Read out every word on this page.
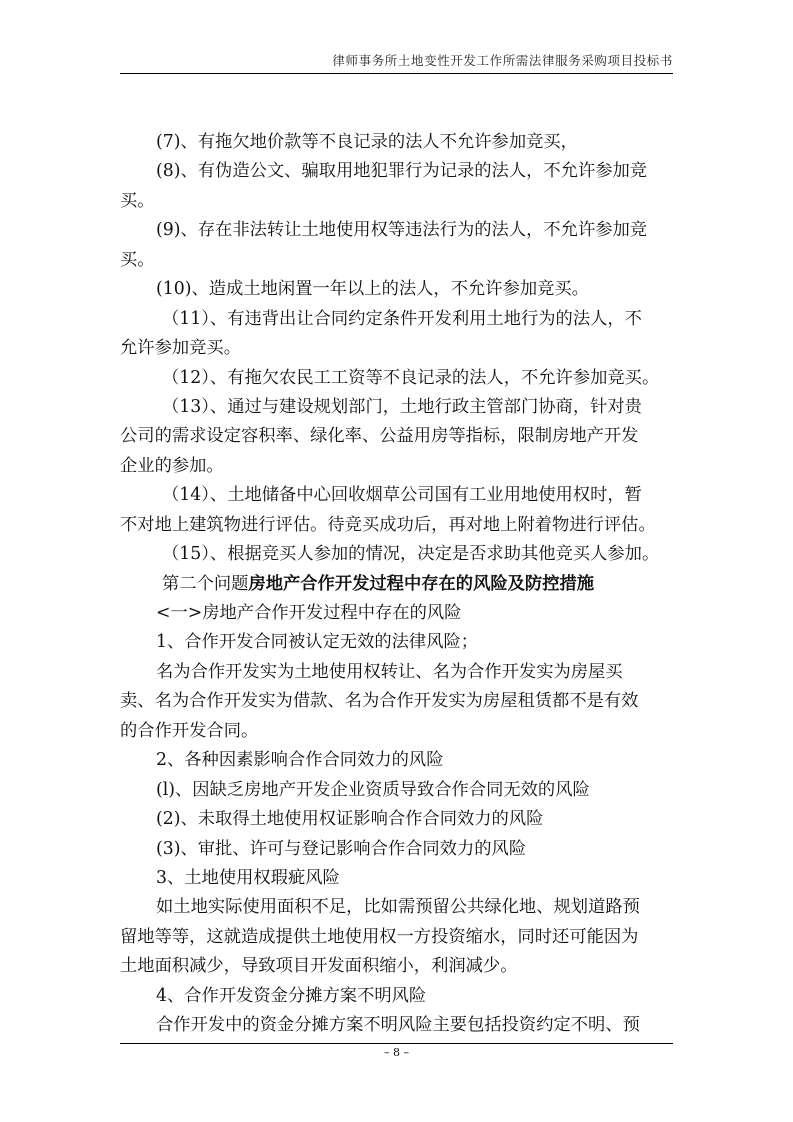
律师事务所土地变性开发工作所需法律服务采购项目投标书
(7)、有拖欠地价款等不良记录的法人不允许参加竞买，
(8)、有伪造公文、骗取用地犯罪行为记录的法人，不允许参加竞
买。
(9)、存在非法转让土地使用权等违法行为的法人，不允许参加竞
买。
(10)、造成土地闲置一年以上的法人，不允许参加竞买。
（11）、有违背出让合同约定条件开发利用土地行为的法人，不
允许参加竞买。
（12）、有拖欠农民工工资等不良记录的法人，不允许参加竞买。
（13）、通过与建设规划部门，土地行政主管部门协商，针对贵
公司的需求设定容积率、绿化率、公益用房等指标，限制房地产开发
企业的参加。
（14）、土地储备中心回收烟草公司国有工业用地使用权时，暂
不对地上建筑物进行评估。待竞买成功后，再对地上附着物进行评估。
（15）、根据竞买人参加的情况，决定是否求助其他竞买人参加。
第二个问题房地产合作开发过程中存在的风险及防控措施
<一>房地产合作开发过程中存在的风险
1、合作开发合同被认定无效的法律风险；
名为合作开发实为土地使用权转让、名为合作开发实为房屋买
卖、名为合作开发实为借款、名为合作开发实为房屋租赁都不是有效
的合作开发合同。
2、各种因素影响合作合同效力的风险
(l)、因缺乏房地产开发企业资质导致合作合同无效的风险
(2)、未取得土地使用权证影响合作合同效力的风险
(3)、审批、许可与登记影响合作合同效力的风险
3、土地使用权瑕疵风险
如土地实际使用面积不足，比如需预留公共绿化地、规划道路预
留地等等，这就造成提供土地使用权一方投资缩水，同时还可能因为
土地面积减少，导致项目开发面积缩小，利润减少。
4、合作开发资金分摊方案不明风险
合作开发中的资金分摊方案不明风险主要包括投资约定不明、预
– 8 –
